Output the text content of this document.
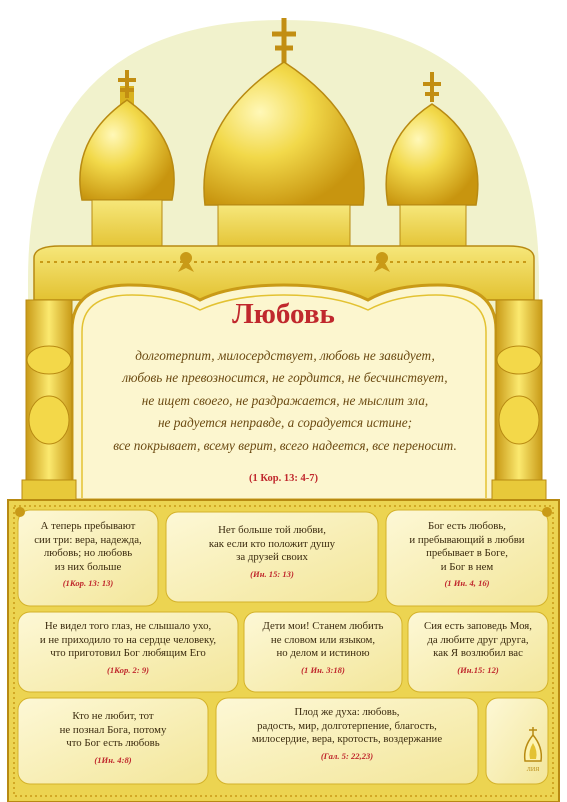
Любовь
долготерпит, милосердствует, любовь не завидует,
любовь не превозносится, не гордится, не бесчинствует,
не ищет своего, не раздражается, не мыслит зла,
не радуется неправде, а сорадуется истине;
все покрывает, всему верит, всего надеется, все переносит.
(1 Кор. 13: 4-7)
А теперь пребывают
сии три: вера, надежда,
любовь; но любовь
из них больше
(1Кор. 13: 13)
Нет больше той любви,
как если кто положит душу
за друзей своих
(Ин. 15: 13)
Бог есть любовь,
и пребывающий в любви
пребывает в Боге,
и Бог в нем
(1 Ин. 4, 16)
Не видел того глаз, не слышало ухо,
и не приходило то на сердце человеку,
что приготовил Бог любящим Его
(1Кор. 2: 9)
Дети мои! Станем любить
не словом или языком,
но делом и истиною
(1 Ин. 3:18)
Сия есть заповедь Моя,
да любите друг друга,
как Я возлюбил вас
(Ин.15: 12)
Кто не любит, тот
не познал Бога, потому
что Бог есть любовь
(1Ин. 4:8)
Плод же духа: любовь,
радость, мир, долготерпение, благость,
милосердие, вера, кротость, воздержание
(Гал. 5: 22,23)
ЛИЯ
